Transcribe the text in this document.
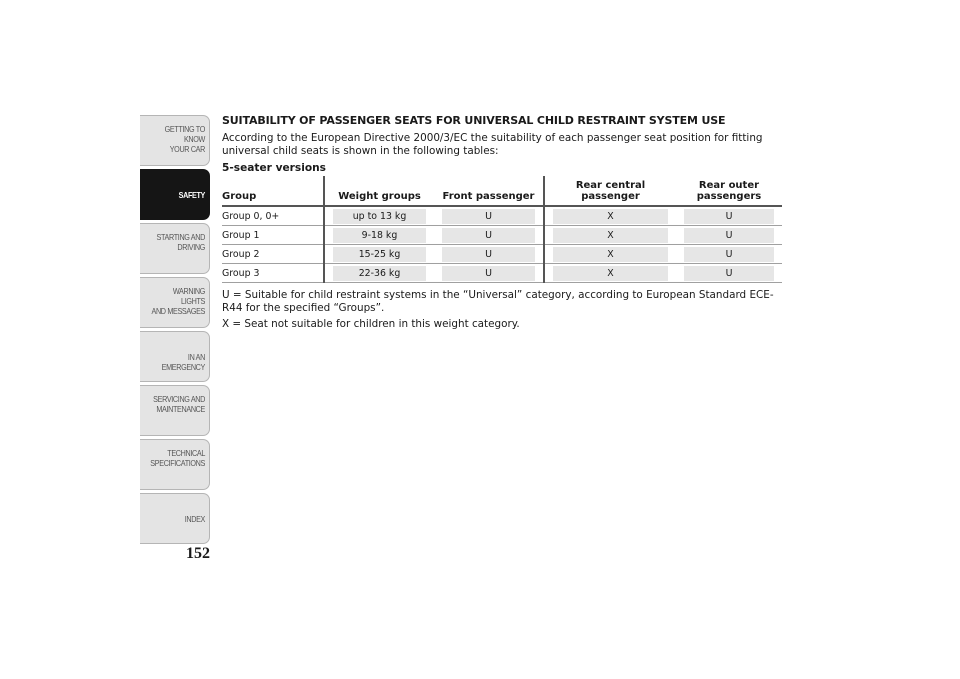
GETTING TO KNOW
YOUR CAR
SAFETY
STARTING AND
DRIVING
WARNING LIGHTS
AND MESSAGES
IN AN EMERGENCY
SERVICING AND
MAINTENANCE
TECHNICAL
SPECIFICATIONS
INDEX
152
SUITABILITY OF PASSENGER SEATS FOR UNIVERSAL CHILD RESTRAINT SYSTEM USE

According to the European Directive 2000/3/EC the suitability of each passenger seat position for fitting universal child seats is shown in the following tables:

5-seater versions
Group	Weight groups	Front passenger	Rear central passenger	Rear outer passengers

Group 0, 0+	up to 13 kg	U	X	U

Group 1	9-18 kg	U	X	U

Group 2	15-25 kg	U	X	U

Group 3	22-36 kg	U	X	U

U = Suitable for child restraint systems in the “Universal” category, according to European Standard ECE-R44 for the specified “Groups”.

X = Seat not suitable for children in this weight category.
